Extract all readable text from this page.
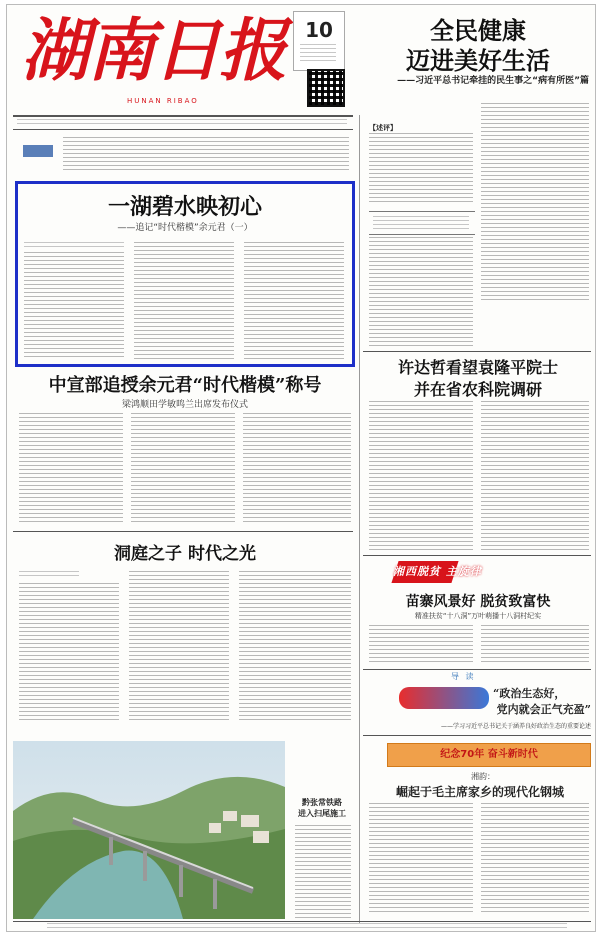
湖南日报
HUNAN RIBAO
10
一湖碧水映初心
——追记“时代楷模”余元君（一）
中宣部追授余元君“时代楷模”称号
梁鸿顺田学敏鸣兰出席发布仪式
洞庭之子 时代之光
黔张常铁路
进入扫尾施工
全民健康
迈进美好生活
——习近平总书记牵挂的民生事之“病有所医”篇
【述评】
许达哲看望袁隆平院士
并在省农科院调研
湘西脱贫 主旋律
苗寨风景好 脱贫致富快
精准扶贫“十八洞”万叶萌播十八洞村纪实
导 读
“政治生态好，
党内就会正气充盈”
——学习习近平总书记关于涵养良好政治生态的重要论述
纪念70年 奋斗新时代
湘韵：
崛起于毛主席家乡的现代化钢城
